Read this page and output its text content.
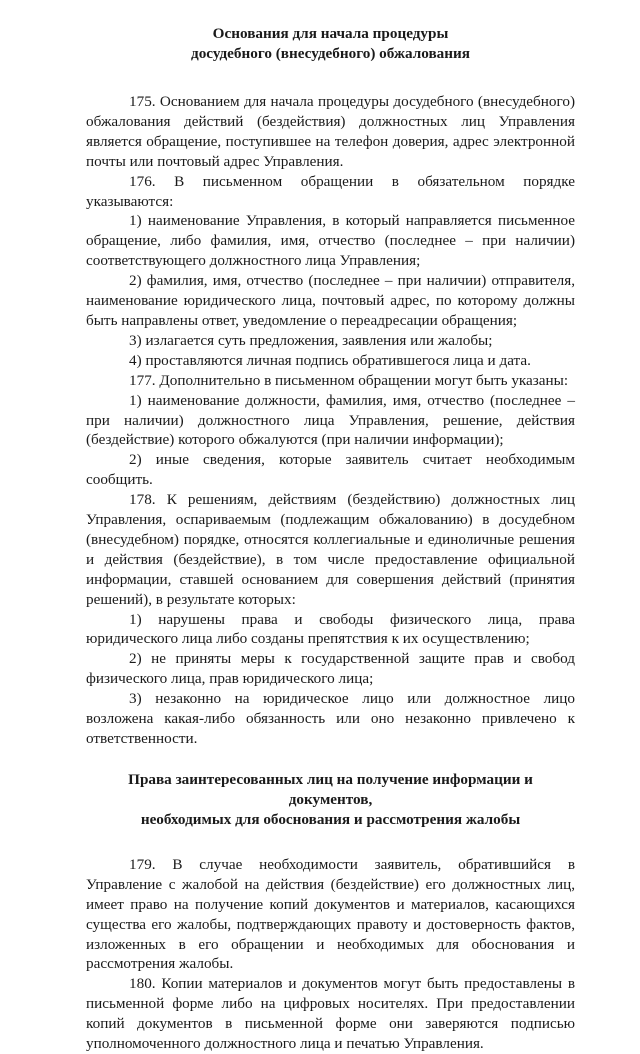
Основания для начала процедуры
досудебного (внесудебного) обжалования

175. Основанием для начала процедуры досудебного (внесудебного) обжалования действий (бездействия) должностных лиц Управления является обращение, поступившее на телефон доверия, адрес электронной почты или почтовый адрес Управления.

176. В письменном обращении в обязательном порядке указываются:

1) наименование Управления, в который направляется письменное обращение, либо фамилия, имя, отчество (последнее – при наличии) соответствующего должностного лица Управления;

2) фамилия, имя, отчество (последнее – при наличии) отправителя, наименование юридического лица, почтовый адрес, по которому должны быть направлены ответ, уведомление о переадресации обращения;

3) излагается суть предложения, заявления или жалобы;

4) проставляются личная подпись обратившегося лица и дата.

177. Дополнительно в письменном обращении могут быть указаны:

1) наименование должности, фамилия, имя, отчество (последнее – при наличии) должностного лица Управления, решение, действия (бездействие) которого обжалуются (при наличии информации);

2) иные сведения, которые заявитель считает необходимым сообщить.

178. К решениям, действиям (бездействию) должностных лиц Управления, оспариваемым (подлежащим обжалованию) в досудебном (внесудебном) порядке, относятся коллегиальные и единоличные решения и действия (бездействие), в том числе предоставление официальной информации, ставшей основанием для совершения действий (принятия решений), в результате которых:

1) нарушены права и свободы физического лица, права юридического лица либо созданы препятствия к их осуществлению;

2) не приняты меры к государственной защите прав и свобод физического лица, прав юридического лица;

3) незаконно на юридическое лицо или должностное лицо возложена какая-либо обязанность или оно незаконно привлечено к ответственности.

Права заинтересованных лиц на получение информации и документов,
необходимых для обоснования и рассмотрения жалобы

179. В случае необходимости заявитель, обратившийся в Управление с жалобой на действия (бездействие) его должностных лиц, имеет право на получение копий документов и материалов, касающихся существа его жалобы, подтверждающих правоту и достоверность фактов, изложенных в его обращении и необходимых для обоснования и рассмотрения жалобы.

180. Копии материалов и документов могут быть предоставлены в письменной форме либо на цифровых носителях. При предоставлении копий документов в письменной форме они заверяются подписью уполномоченного должностного лица и печатью Управления.
